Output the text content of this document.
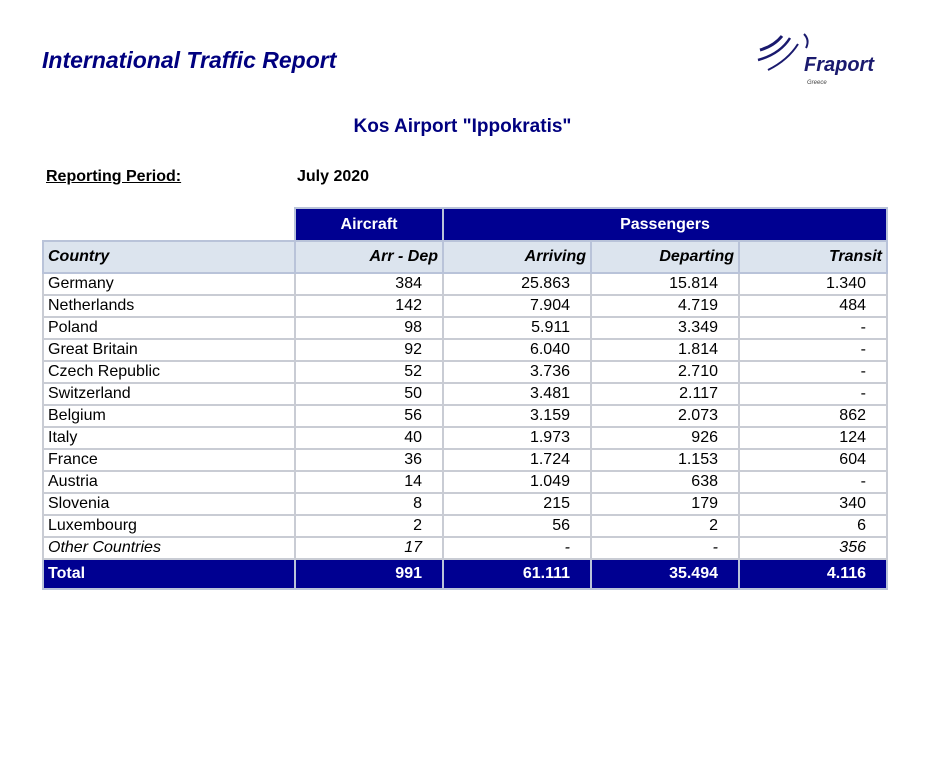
International Traffic Report	Fraport
Greece
Kos Airport "Ippokratis"
Reporting Period:	July 2020
	Aircraft	Passengers		
Country	Arr - Dep	Arriving	Departing	Transit
Germany	384	25.863	15.814	1.340
Netherlands	142	7.904	4.719	484
Poland	98	5.911	3.349	-
Great Britain	92	6.040	1.814	-
Czech Republic	52	3.736	2.710	-
Switzerland	50	3.481	2.117	-
Belgium	56	3.159	2.073	862
Italy	40	1.973	926	124
France	36	1.724	1.153	604
Austria	14	1.049	638	-
Slovenia	8	215	179	340
Luxembourg	2	56	2	6
Other Countries	17	-	-	356
Total	991	61.111	35.494	4.116
